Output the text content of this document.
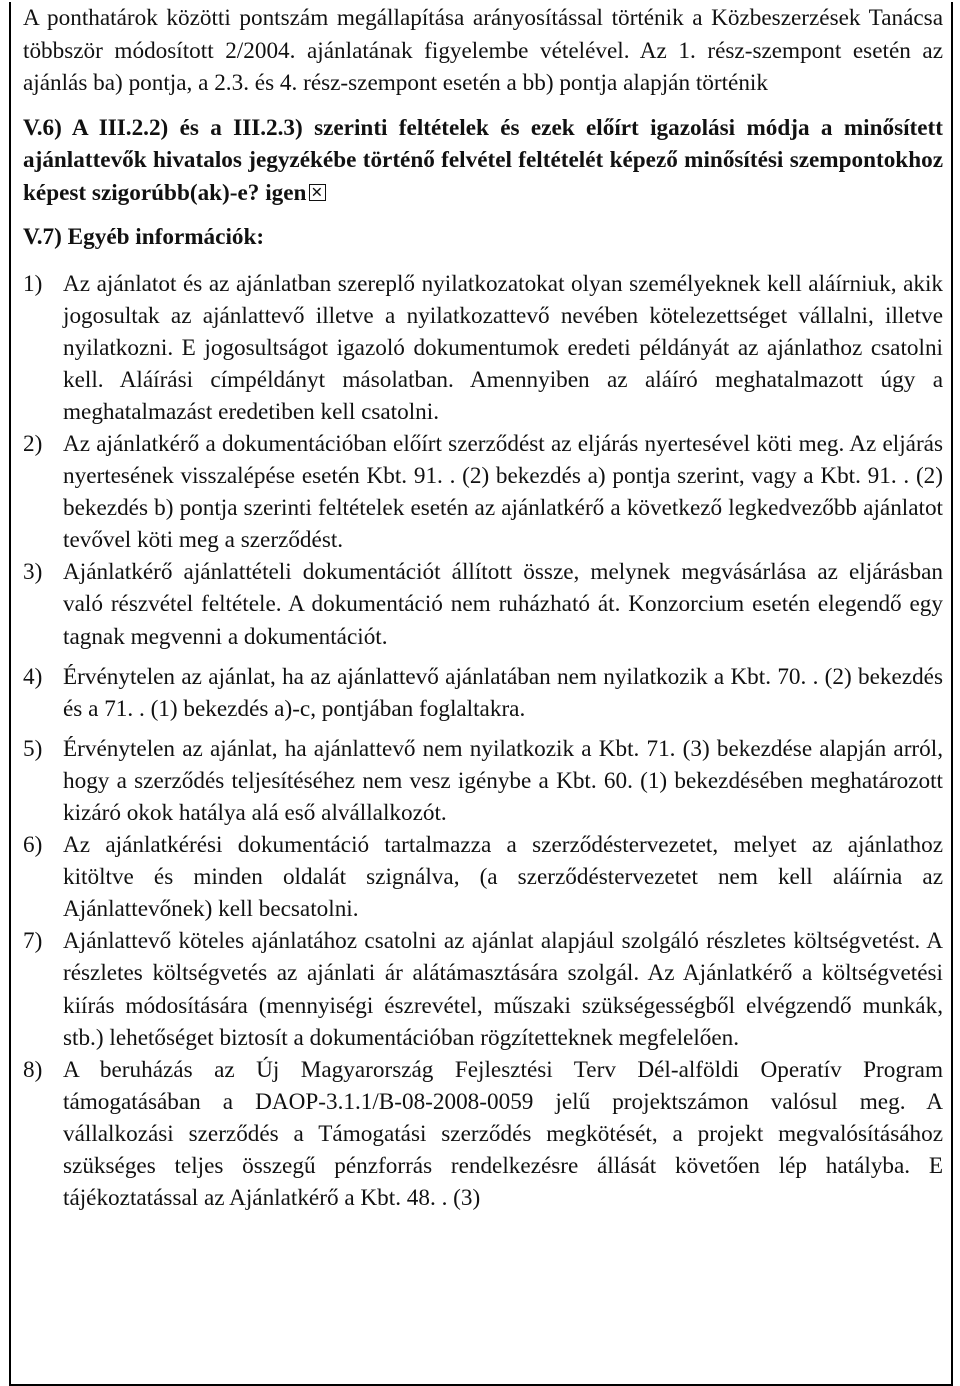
A ponthatárok közötti pontszám megállapítása arányosítással történik a Közbeszerzések Tanácsa többször módosított 2/2004. ajánlatának figyelembe vételével. Az 1. rész-szempont esetén az ajánlás ba) pontja, a 2.3. és 4. rész-szempont esetén a bb) pontja alapján történik

V.6) A III.2.2) és a III.2.3) szerinti feltételek és ezek előírt igazolási módja a minősített ajánlattevők hivatalos jegyzékébe történő felvétel feltételét képező minősítési szempontokhoz képest szigorúbb(ak)-e? igen

V.7) Egyéb információk:

1) Az ajánlatot és az ajánlatban szereplő nyilatkozatokat olyan személyeknek kell aláírniuk, akik jogosultak az ajánlattevő illetve a nyilatkozattevő nevében kötelezettséget vállalni, illetve nyilatkozni. E jogosultságot igazoló dokumentumok eredeti példányát az ajánlathoz csatolni kell. Aláírási címpéldányt másolatban. Amennyiben az aláíró meghatalmazott úgy a meghatalmazást eredetiben kell csatolni.
2) Az ajánlatkérő a dokumentációban előírt szerződést az eljárás nyertesével köti meg. Az eljárás nyertesének visszalépése esetén Kbt. 91. . (2) bekezdés a) pontja szerint, vagy a Kbt. 91. . (2) bekezdés b) pontja szerinti feltételek esetén az ajánlatkérő a következő legkedvezőbb ajánlatot tevővel köti meg a szerződést.
3) Ajánlatkérő ajánlattételi dokumentációt állított össze, melynek megvásárlása az eljárásban való részvétel feltétele. A dokumentáció nem ruházható át. Konzorcium esetén elegendő egy tagnak megvenni a dokumentációt.
4) Érvénytelen az ajánlat, ha az ajánlattevő ajánlatában nem nyilatkozik a Kbt. 70. . (2) bekezdés és a 71. . (1) bekezdés a)-c, pontjában foglaltakra.
5) Érvénytelen az ajánlat, ha ajánlattevő nem nyilatkozik a Kbt. 71. (3) bekezdése alapján arról, hogy a szerződés teljesítéséhez nem vesz igénybe a Kbt. 60. (1) bekezdésében meghatározott kizáró okok hatálya alá eső alvállalkozót.
6) Az ajánlatkérési dokumentáció tartalmazza a szerződéstervezetet, melyet az ajánlathoz kitöltve és minden oldalát szignálva, (a szerződéstervezetet nem kell aláírnia az Ajánlattevőnek) kell becsatolni.
7) Ajánlattevő köteles ajánlatához csatolni az ajánlat alapjául szolgáló részletes költségvetést. A részletes költségvetés az ajánlati ár alátámasztására szolgál. Az Ajánlatkérő a költségvetési kiírás módosítására (mennyiségi észrevétel, műszaki szükségességből elvégzendő munkák, stb.) lehetőséget biztosít a dokumentációban rögzítetteknek megfelelően.
8) A beruházás az Új Magyarország Fejlesztési Terv Dél-alföldi Operatív Program támogatásában a DAOP-3.1.1/B-08-2008-0059 jelű projektszámon valósul meg. A vállalkozási szerződés a Támogatási szerződés megkötését, a projekt megvalósításához szükséges teljes összegű pénzforrás rendelkezésre állását követően lép hatályba. E tájékoztatással az Ajánlatkérő a Kbt. 48. . (3)
